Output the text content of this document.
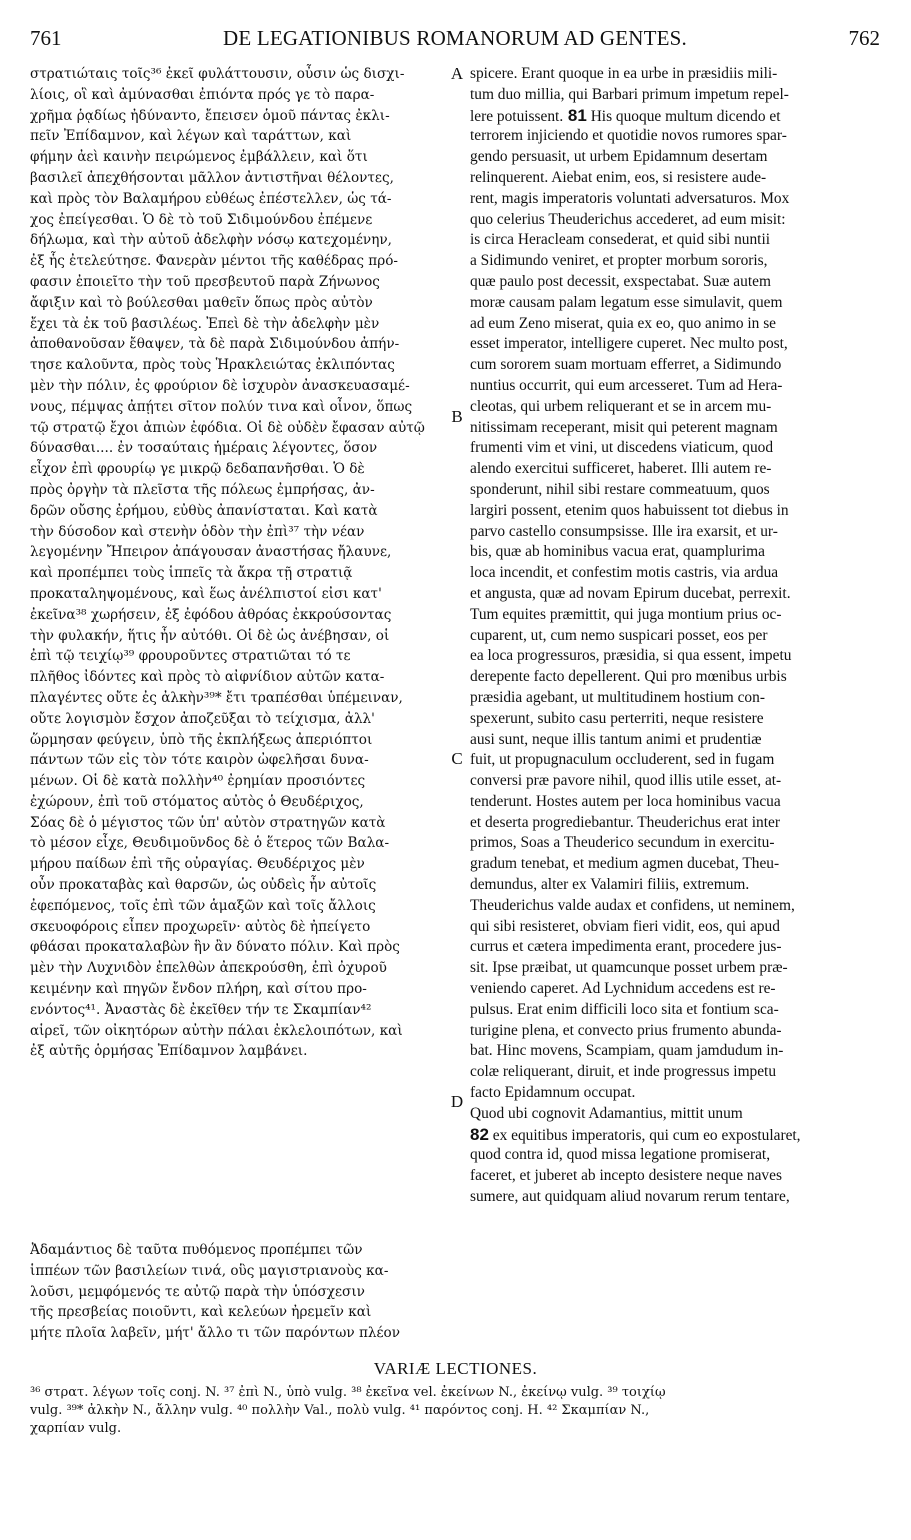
761	DE LEGATIONIBUS ROMANORUM AD GENTES.	762
στρατιώταις τοῖς³⁶ ἐκεῖ φυλάττουσιν, οὖσιν ὡς δισχι-
λίοις, οἳ καὶ ἀμύνασθαι ἐπιόντα πρός γε τὸ παρα-
χρῆμα ῥᾳδίως ἠδύναντο, ἔπεισεν ὁμοῦ πάντας ἐκλι-
πεῖν Ἐπίδαμνον, καὶ λέγων καὶ ταράττων, καὶ
φήμην ἀεὶ καινὴν πειρώμενος ἐμβάλλειν, καὶ ὅτι
βασιλεῖ ἀπεχθήσονται μᾶλλον ἀντιστῆναι θέλοντες,
καὶ πρὸς τὸν Βαλαμήρου εὐθέως ἐπέστελλεν, ὡς τά-
χος ἐπείγεσθαι. Ὁ δὲ τὸ τοῦ Σιδιμούνδου ἐπέμενε
δήλωμα, καὶ τὴν αὐτοῦ ἀδελφὴν νόσῳ κατεχομένην,
ἐξ ἧς ἐτελεύτησε. Φανερὰν μέντοι τῆς καθέδρας πρό-
φασιν ἐποιεῖτο τὴν τοῦ πρεσβευτοῦ παρὰ Ζήνωνος
ἄφιξιν καὶ τὸ βούλεσθαι μαθεῖν ὅπως πρὸς αὐτὸν
ἔχει τὰ ἐκ τοῦ βασιλέως. Ἐπεὶ δὲ τὴν ἀδελφὴν μὲν
ἀποθανοῦσαν ἔθαψεν, τὰ δὲ παρὰ Σιδιμούνδου ἀπήν-
τησε καλοῦντα, πρὸς τοὺς Ἡρακλειώτας ἐκλιπόντας
μὲν τὴν πόλιν, ἐς φρούριον δὲ ἰσχυρὸν ἀνασκευασαμέ-
νους, πέμψας ἀπῄτει σῖτον πολύν τινα καὶ οἶνον, ὅπως
τῷ στρατῷ ἔχοι ἀπιὼν ἐφόδια. Οἱ δὲ οὐδὲν ἔφασαν αὐτῷ
δύνασθαι.... ἐν τοσαύταις ἡμέραις λέγοντες, ὅσον
εἶχον ἐπὶ φρουρίῳ γε μικρῷ δεδαπανῆσθαι. Ὁ δὲ
πρὸς ὀργὴν τὰ πλεῖστα τῆς πόλεως ἐμπρήσας, ἀν-
δρῶν οὔσης ἐρήμου, εὐθὺς ἀπανίσταται. Καὶ κατὰ
τὴν δύσοδον καὶ στενὴν ὁδὸν τὴν ἐπὶ³⁷ τὴν νέαν
λεγομένην Ἤπειρον ἀπάγουσαν ἀναστήσας ἤλαυνε,
καὶ προπέμπει τοὺς ἱππεῖς τὰ ἄκρα τῇ στρατιᾷ
προκαταληψομένους, καὶ ἕως ἀνέλπιστοί εἰσι κατ'
ἐκεῖνα³⁸ χωρήσειν, ἐξ ἐφόδου ἀθρόας ἐκκρούσοντας
τὴν φυλακήν, ἥτις ἦν αὐτόθι. Οἱ δὲ ὡς ἀνέβησαν, οἱ
ἐπὶ τῷ τειχίῳ³⁹ φρουροῦντες στρατιῶται τό τε
πλῆθος ἰδόντες καὶ πρὸς τὸ αἰφνίδιον αὐτῶν κατα-
πλαγέντες οὔτε ἐς ἀλκὴν³⁹* ἔτι τραπέσθαι ὑπέμειναν,
οὔτε λογισμὸν ἔσχον ἀποζεῦξαι τὸ τείχισμα, ἀλλ'
ὥρμησαν φεύγειν, ὑπὸ τῆς ἐκπλήξεως ἀπεριόπτοι
πάντων τῶν εἰς τὸν τότε καιρὸν ὠφελῆσαι δυνα-
μένων. Οἱ δὲ κατὰ πολλὴν⁴⁰ ἐρημίαν προσιόντες
ἐχώρουν, ἐπὶ τοῦ στόματος αὐτὸς ὁ Θευδέριχος,
Σόας δὲ ὁ μέγιστος τῶν ὑπ' αὐτὸν στρατηγῶν κατὰ
τὸ μέσον εἶχε, Θευδιμοῦνδος δὲ ὁ ἕτερος τῶν Βαλα-
μήρου παίδων ἐπὶ τῆς οὐραγίας. Θευδέριχος μὲν
οὖν προκαταβὰς καὶ θαρσῶν, ὡς οὐδεὶς ἦν αὐτοῖς
ἐφεπόμενος, τοῖς ἐπὶ τῶν ἁμαξῶν καὶ τοῖς ἄλλοις
σκευοφόροις εἶπεν προχωρεῖν· αὐτὸς δὲ ἠπείγετο
φθάσαι προκαταλαβὼν ἣν ἂν δύνατο πόλιν. Καὶ πρὸς
μὲν τὴν Λυχνιδὸν ἐπελθὼν ἀπεκρούσθη, ἐπὶ ὀχυροῦ
κειμένην καὶ πηγῶν ἔνδον πλήρη, καὶ σίτου προ-
ενόντος⁴¹. Ἀναστὰς δὲ ἐκεῖθεν τήν τε Σκαμπίαν⁴²
αἱρεῖ, τῶν οἰκητόρων αὐτὴν πάλαι ἐκλελοιπότων, καὶ
ἐξ αὐτῆς ὁρμήσας Ἐπίδαμνον λαμβάνει.
Ἀδαμάντιος δὲ ταῦτα πυθόμενος προπέμπει τῶν
ἱππέων τῶν βασιλείων τινά, οὓς μαγιστριανοὺς κα-
λοῦσι, μεμφόμενός τε αὐτῷ παρὰ τὴν ὑπόσχεσιν
τῆς πρεσβείας ποιοῦντι, καὶ κελεύων ἠρεμεῖν καὶ
μήτε πλοῖα λαβεῖν, μήτ' ἄλλο τι τῶν παρόντων πλέον
A
B
C
D
spicere. Erant quoque in ea urbe in præsidiis mili-
tum duo millia, qui Barbari primum impetum repel-
lere potuissent. 81 His quoque multum dicendo et
terrorem injiciendo et quotidie novos rumores spar-
gendo persuasit, ut urbem Epidamnum desertam
relinquerent. Aiebat enim, eos, si resistere aude-
rent, magis imperatoris voluntati adversaturos. Mox
quo celerius Theuderichus accederet, ad eum misit:
is circa Heracleam consederat, et quid sibi nuntii
a Sidimundo veniret, et propter morbum sororis,
quæ paulo post decessit, exspectabat. Suæ autem
moræ causam palam legatum esse simulavit, quem
ad eum Zeno miserat, quia ex eo, quo animo in se
esset imperator, intelligere cuperet. Nec multo post,
cum sororem suam mortuam efferret, a Sidimundo
nuntius occurrit, qui eum arcesseret. Tum ad Hera-
cleotas, qui urbem reliquerant et se in arcem mu-
nitissimam receperant, misit qui peterent magnam
frumenti vim et vini, ut discedens viaticum, quod
alendo exercitui sufficeret, haberet. Illi autem re-
sponderunt, nihil sibi restare commeatuum, quos
largiri possent, etenim quos habuissent tot diebus in
parvo castello consumpsisse. Ille ira exarsit, et ur-
bis, quæ ab hominibus vacua erat, quamplurima
loca incendit, et confestim motis castris, via ardua
et angusta, quæ ad novam Epirum ducebat, perrexit.
Tum equites præmittit, qui juga montium prius oc-
cuparent, ut, cum nemo suspicari posset, eos per
ea loca progressuros, præsidia, si qua essent, impetu
derepente facto depellerent. Qui pro mœnibus urbis
præsidia agebant, ut multitudinem hostium con-
spexerunt, subito casu perterriti, neque resistere
ausi sunt, neque illis tantum animi et prudentiæ
fuit, ut propugnaculum occluderent, sed in fugam
conversi præ pavore nihil, quod illis utile esset, at-
tenderunt. Hostes autem per loca hominibus vacua
et deserta progrediebantur. Theuderichus erat inter
primos, Soas a Theuderico secundum in exercitu-
gradum tenebat, et medium agmen ducebat, Theu-
demundus, alter ex Valamiri filiis, extremum.
Theuderichus valde audax et confidens, ut neminem,
qui sibi resisteret, obviam fieri vidit, eos, qui apud
currus et cætera impedimenta erant, procedere jus-
sit. Ipse præibat, ut quamcunque posset urbem præ-
veniendo caperet. Ad Lychnidum accedens est re-
pulsus. Erat enim difficili loco sita et fontium sca-
turigine plena, et convecto prius frumento abunda-
bat. Hinc movens, Scampiam, quam jamdudum in-
colæ reliquerant, diruit, et inde progressus impetu
facto Epidamnum occupat.
Quod ubi cognovit Adamantius, mittit unum
82 ex equitibus imperatoris, qui cum eo expostularet,
quod contra id, quod missa legatione promiserat,
faceret, et juberet ab incepto desistere neque naves
sumere, aut quidquam aliud novarum rerum tentare,
VARIÆ LECTIONES.
³⁶ στρατ. λέγων τοῖς conj. N. ³⁷ ἐπὶ N., ὑπὸ vulg. ³⁸ ἐκεῖνα vel. ἐκείνων N., ἐκείνῳ vulg. ³⁹ τοιχίῳ
vulg. ³⁹* ἀλκὴν N., ἄλλην vulg. ⁴⁰ πολλὴν Val., πολὺ vulg. ⁴¹ παρόντος conj. H. ⁴² Σκαμπίαν N.,
χαρπίαν vulg.
